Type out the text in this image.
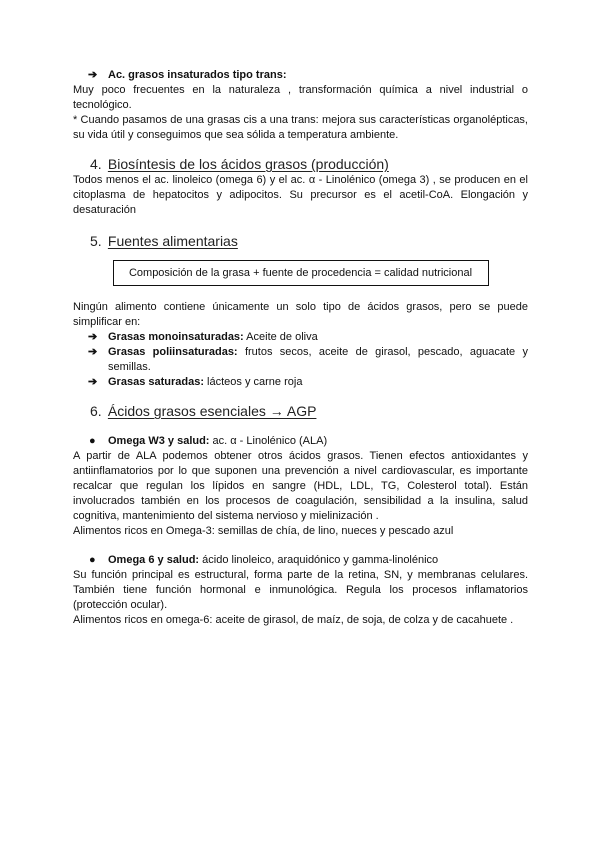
➔ Ac. grasos insaturados tipo trans:

Muy poco frecuentes en la naturaleza , transformación química a nivel industrial o tecnológico.

* Cuando pasamos de una grasas cis a una trans: mejora sus características organolépticas, su vida útil y conseguimos que sea sólida a temperatura ambiente.

4. Biosíntesis de los ácidos grasos (producción)

Todos menos el ac. linoleico (omega 6) y el ac. α - Linolénico (omega 3) , se producen en el citoplasma de hepatocitos y adipocitos. Su precursor es el acetil-CoA. Elongación y desaturación

5. Fuentes alimentarias

Composición de la grasa + fuente de procedencia = calidad nutricional

Ningún alimento contiene únicamente un solo tipo de ácidos grasos, pero se puede simplificar en:

➔ Grasas monoinsaturadas: Aceite de oliva

➔ Grasas poliinsaturadas: frutos secos, aceite de girasol, pescado, aguacate y semillas.

➔ Grasas saturadas: lácteos y carne roja

6. Ácidos grasos esenciales → AGP

● Omega W3 y salud: ac. α - Linolénico (ALA)

A partir de ALA podemos obtener otros ácidos grasos. Tienen efectos antioxidantes y antiinflamatorios por lo que suponen una prevención a nivel cardiovascular, es importante recalcar que regulan los lípidos en sangre (HDL, LDL, TG, Colesterol total). Están involucrados también en los procesos de coagulación, sensibilidad a la insulina, salud cognitiva, mantenimiento del sistema nervioso y mielinización .

Alimentos ricos en Omega-3: semillas de chía, de lino, nueces y pescado azul

● Omega 6 y salud: ácido linoleico, araquidónico y gamma-linolénico

Su función principal es estructural, forma parte de la retina, SN, y membranas celulares. También tiene función hormonal e inmunológica. Regula los procesos inflamatorios (protección ocular).

Alimentos ricos en omega-6: aceite de girasol, de maíz, de soja, de colza y de cacahuete .
